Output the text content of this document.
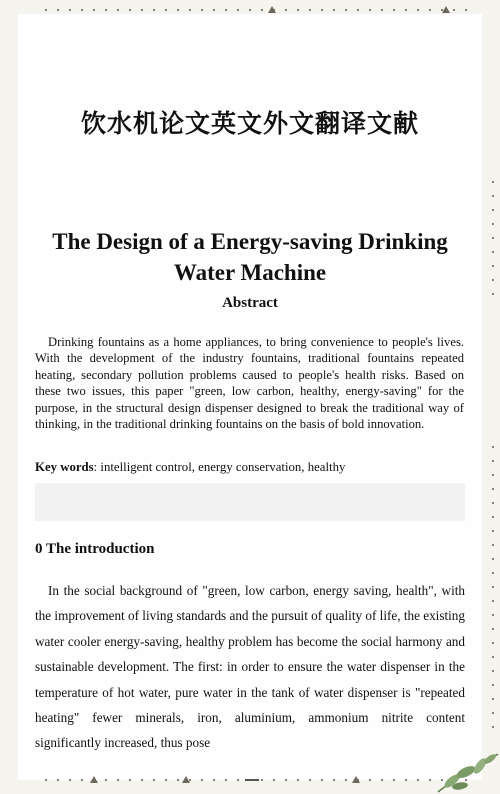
饮水机论文英文外文翻译文献
The Design of a Energy-saving Drinking Water Machine
Abstract

Drinking fountains as a home appliances, to bring convenience to people's lives. With the development of the industry fountains, traditional fountains repeated heating, secondary pollution problems caused to people's health risks. Based on these two issues, this paper "green, low carbon, healthy, energy-saving" for the purpose, in the structural design dispenser designed to break the traditional way of thinking, in the traditional drinking fountains on the basis of bold innovation.

Key words: intelligent control, energy conservation, healthy

0 The introduction

In the social background of "green, low carbon, energy saving, health", with the improvement of living standards and the pursuit of quality of life, the existing water cooler energy-saving, healthy problem has become the social harmony and sustainable development. The first: in order to ensure the water dispenser in the temperature of hot water, pure water in the tank of water dispenser is "repeated heating" fewer minerals, iron, aluminium, ammonium nitrite content significantly increased, thus pose
